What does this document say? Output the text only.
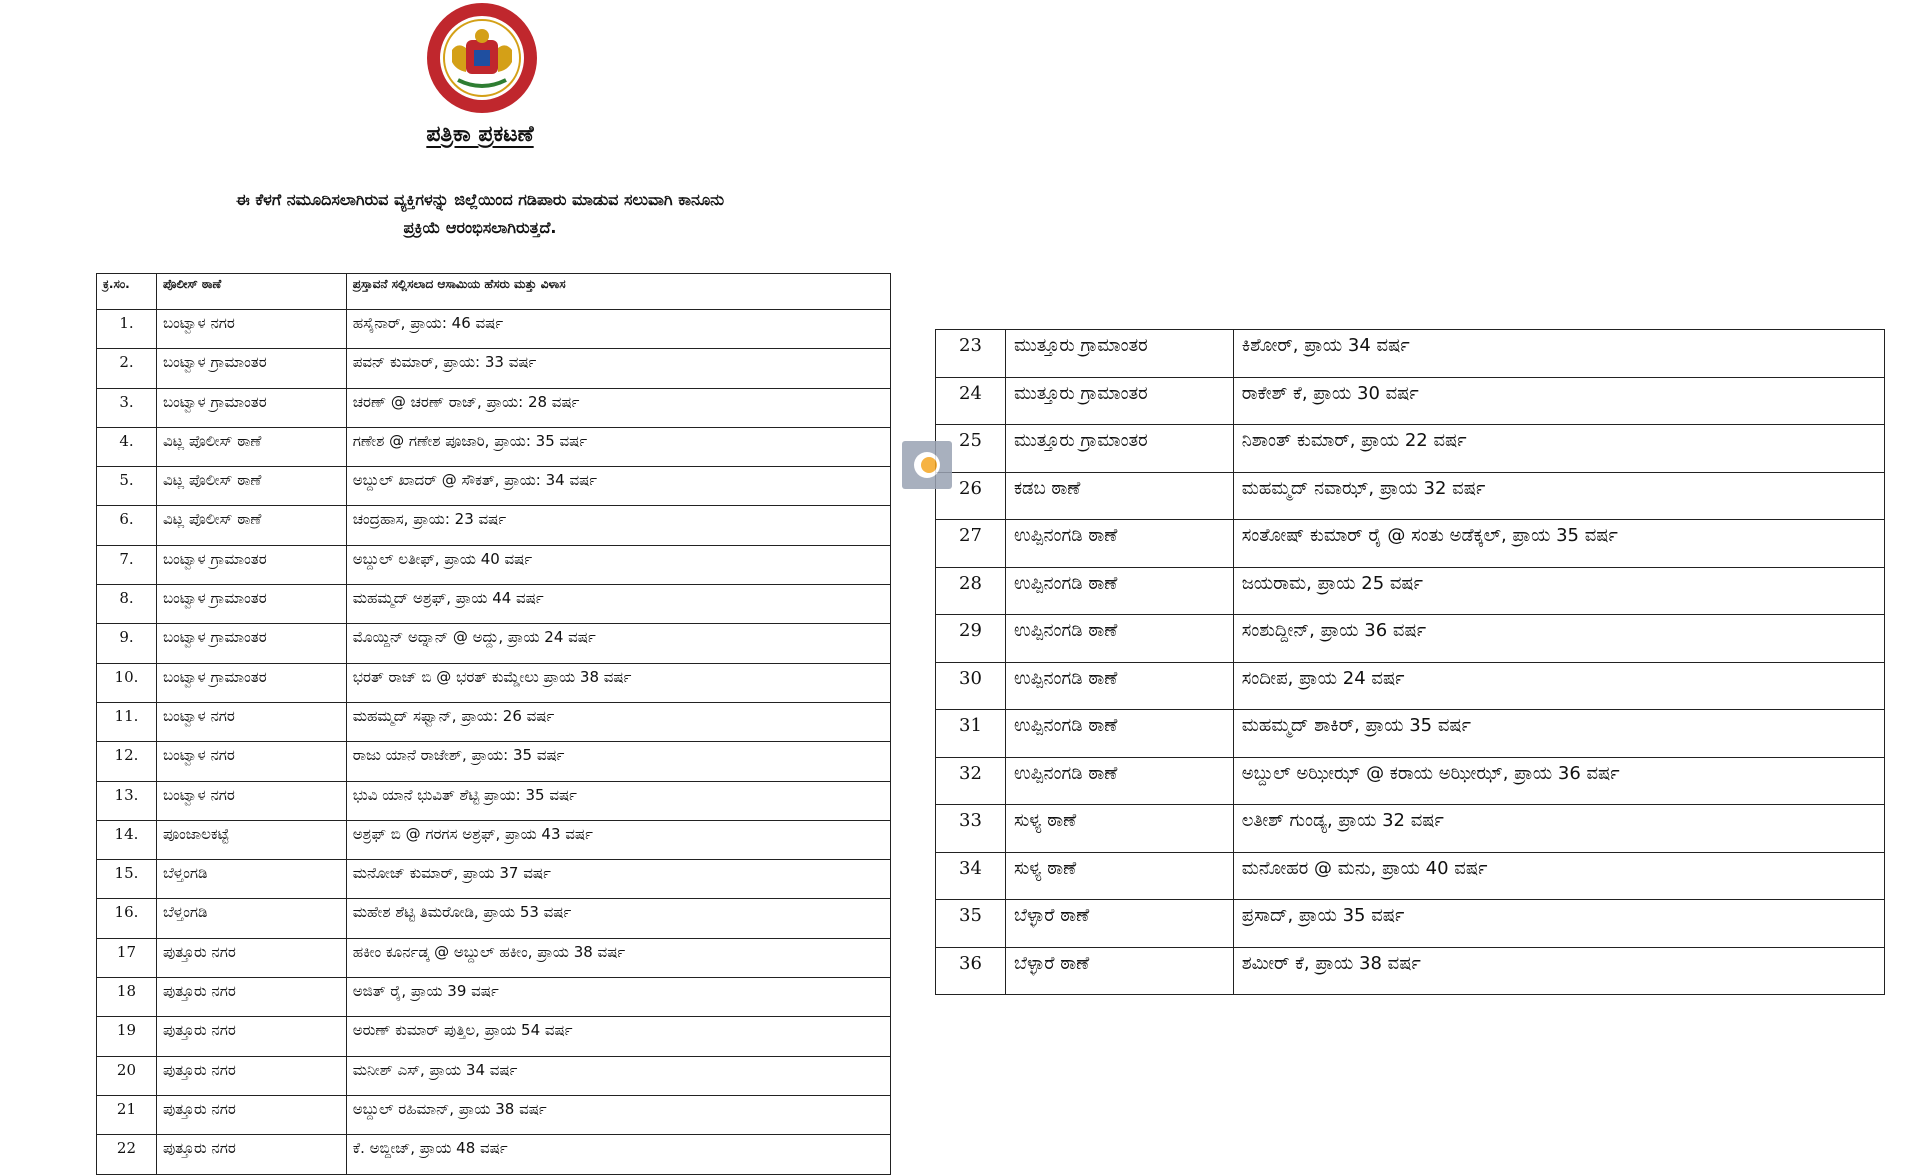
ಪತ್ರಿಕಾ ಪ್ರಕಟಣೆ
ಈ ಕೆಳಗೆ ನಮೂದಿಸಲಾಗಿರುವ ವ್ಯಕ್ತಿಗಳನ್ನು ಜಿಲ್ಲೆಯಿಂದ ಗಡಿಪಾರು ಮಾಡುವ ಸಲುವಾಗಿ ಕಾನೂನು
ಪ್ರಕ್ರಿಯೆ ಆರಂಭಿಸಲಾಗಿರುತ್ತದೆ.
ಕ್ರ.ಸಂ.	ಪೊಲೀಸ್ ಠಾಣೆ	ಪ್ರಸ್ತಾವನೆ ಸಲ್ಲಿಸಲಾದ ಆಸಾಮಿಯ ಹೆಸರು ಮತ್ತು ವಿಳಾಸ
1.	ಬಂಟ್ವಾಳ ನಗರ	ಹಸೈನಾರ್, ಪ್ರಾಯ: 46 ವರ್ಷ
2.	ಬಂಟ್ವಾಳ ಗ್ರಾಮಾಂತರ	ಪವನ್ ಕುಮಾರ್, ಪ್ರಾಯ: 33 ವರ್ಷ
3.	ಬಂಟ್ವಾಳ ಗ್ರಾಮಾಂತರ	ಚರಣ್ @ ಚರಣ್ ರಾಜ್, ಪ್ರಾಯ: 28 ವರ್ಷ
4.	ವಿಟ್ಲ ಪೊಲೀಸ್ ಠಾಣೆ	ಗಣೇಶ @ ಗಣೇಶ ಪೂಜಾರಿ, ಪ್ರಾಯ: 35 ವರ್ಷ
5.	ವಿಟ್ಲ ಪೊಲೀಸ್ ಠಾಣೆ	ಅಬ್ದುಲ್ ಖಾದರ್ @ ಸೌಕತ್, ಪ್ರಾಯ: 34 ವರ್ಷ
6.	ವಿಟ್ಲ ಪೊಲೀಸ್ ಠಾಣೆ	ಚಂದ್ರಹಾಸ, ಪ್ರಾಯ: 23 ವರ್ಷ
7.	ಬಂಟ್ವಾಳ ಗ್ರಾಮಾಂತರ	ಅಬ್ದುಲ್ ಲತೀಫ್, ಪ್ರಾಯ 40 ವರ್ಷ
8.	ಬಂಟ್ವಾಳ ಗ್ರಾಮಾಂತರ	ಮಹಮ್ಮದ್ ಅಶ್ರಫ್, ಪ್ರಾಯ 44 ವರ್ಷ
9.	ಬಂಟ್ವಾಳ ಗ್ರಾಮಾಂತರ	ಮೊಯ್ದಿನ್ ಅದ್ನಾನ್ @ ಅದ್ದು, ಪ್ರಾಯ 24 ವರ್ಷ
10.	ಬಂಟ್ವಾಳ ಗ್ರಾಮಾಂತರ	ಭರತ್ ರಾಜ್ ಬಿ @ ಭರತ್ ಕುಮ್ಡೇಲು ಪ್ರಾಯ 38 ವರ್ಷ
11.	ಬಂಟ್ವಾಳ ನಗರ	ಮಹಮ್ಮದ್ ಸಫ್ವಾನ್, ಪ್ರಾಯ: 26 ವರ್ಷ
12.	ಬಂಟ್ವಾಳ ನಗರ	ರಾಜು ಯಾನೆ ರಾಜೇಶ್, ಪ್ರಾಯ: 35 ವರ್ಷ
13.	ಬಂಟ್ವಾಳ ನಗರ	ಭುವಿ ಯಾನೆ ಭುವಿತ್ ಶೆಟ್ಟಿ ಪ್ರಾಯ: 35 ವರ್ಷ
14.	ಪೂಂಜಾಲಕಟ್ಟೆ	ಅಶ್ರಫ್ ಬಿ @ ಗರಗಸ ಅಶ್ರಫ್, ಪ್ರಾಯ 43 ವರ್ಷ
15.	ಬೆಳ್ತಂಗಡಿ	ಮನೋಜ್ ಕುಮಾರ್, ಪ್ರಾಯ 37 ವರ್ಷ
16.	ಬೆಳ್ತಂಗಡಿ	ಮಹೇಶ ಶೆಟ್ಟಿ ತಿಮರೋಡಿ, ಪ್ರಾಯ 53 ವರ್ಷ
17	ಪುತ್ತೂರು ನಗರ	ಹಕೀಂ ಕೂರ್ನಡ್ಕ @ ಅಬ್ದುಲ್ ಹಕೀಂ, ಪ್ರಾಯ 38 ವರ್ಷ
18	ಪುತ್ತೂರು ನಗರ	ಅಜಿತ್ ರೈ, ಪ್ರಾಯ 39 ವರ್ಷ
19	ಪುತ್ತೂರು ನಗರ	ಅರುಣ್ ಕುಮಾರ್ ಪುತ್ತಿಲ, ಪ್ರಾಯ 54 ವರ್ಷ
20	ಪುತ್ತೂರು ನಗರ	ಮನೀಶ್ ಎಸ್, ಪ್ರಾಯ 34 ವರ್ಷ
21	ಪುತ್ತೂರು ನಗರ	ಅಬ್ದುಲ್ ರಹಿಮಾನ್, ಪ್ರಾಯ 38 ವರ್ಷ
22	ಪುತ್ತೂರು ನಗರ	ಕೆ. ಅಬ್ದೀಜ್, ಪ್ರಾಯ 48 ವರ್ಷ
23	ಮುತ್ತೂರು ಗ್ರಾಮಾಂತರ	ಕಿಶೋರ್, ಪ್ರಾಯ 34 ವರ್ಷ
24	ಮುತ್ತೂರು ಗ್ರಾಮಾಂತರ	ರಾಕೇಶ್ ಕೆ, ಪ್ರಾಯ 30 ವರ್ಷ
25	ಮುತ್ತೂರು ಗ್ರಾಮಾಂತರ	ನಿಶಾಂತ್ ಕುಮಾರ್, ಪ್ರಾಯ 22 ವರ್ಷ
26	ಕಡಬ ಠಾಣೆ	ಮಹಮ್ಮದ್ ನವಾಝ್, ಪ್ರಾಯ 32 ವರ್ಷ
27	ಉಪ್ಪಿನಂಗಡಿ ಠಾಣೆ	ಸಂತೋಷ್ ಕುಮಾರ್ ರೈ @ ಸಂತು ಅಡೆಕ್ಕಲ್, ಪ್ರಾಯ 35 ವರ್ಷ
28	ಉಪ್ಪಿನಂಗಡಿ ಠಾಣೆ	ಜಯರಾಮ, ಪ್ರಾಯ 25 ವರ್ಷ
29	ಉಪ್ಪಿನಂಗಡಿ ಠಾಣೆ	ಸಂಶುದ್ದೀನ್, ಪ್ರಾಯ 36 ವರ್ಷ
30	ಉಪ್ಪಿನಂಗಡಿ ಠಾಣೆ	ಸಂದೀಪ, ಪ್ರಾಯ 24 ವರ್ಷ
31	ಉಪ್ಪಿನಂಗಡಿ ಠಾಣೆ	ಮಹಮ್ಮದ್ ಶಾಕಿರ್, ಪ್ರಾಯ 35 ವರ್ಷ
32	ಉಪ್ಪಿನಂಗಡಿ ಠಾಣೆ	ಅಬ್ದುಲ್ ಅಝೀಝ್ @ ಕರಾಯ ಅಝೀಝ್, ಪ್ರಾಯ 36 ವರ್ಷ
33	ಸುಳ್ಯ ಠಾಣೆ	ಲತೀಶ್ ಗುಂಡ್ಯ, ಪ್ರಾಯ 32 ವರ್ಷ
34	ಸುಳ್ಯ ಠಾಣೆ	ಮನೋಹರ @ ಮನು, ಪ್ರಾಯ 40 ವರ್ಷ
35	ಬೆಳ್ಳಾರೆ ಠಾಣೆ	ಪ್ರಸಾದ್, ಪ್ರಾಯ 35 ವರ್ಷ
36	ಬೆಳ್ಳಾರೆ ಠಾಣೆ	ಶಮೀರ್ ಕೆ, ಪ್ರಾಯ 38 ವರ್ಷ
